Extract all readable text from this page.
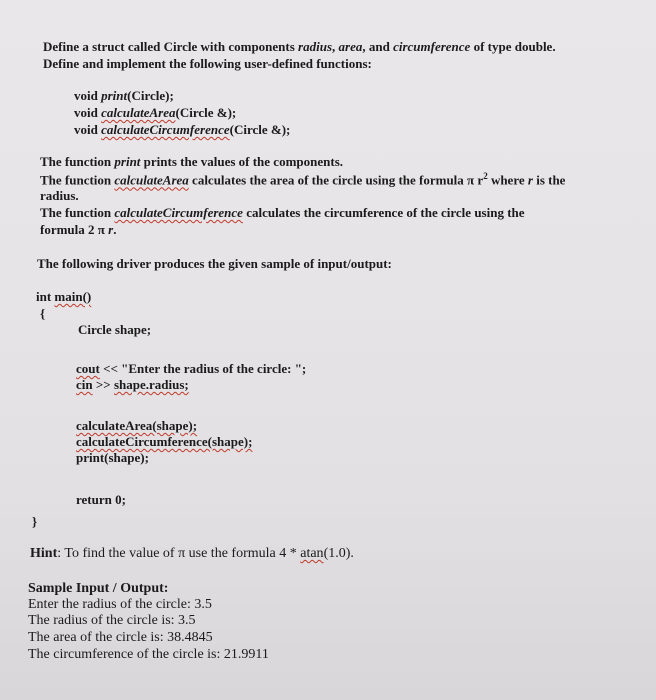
Define a struct called Circle with components radius, area, and circumference of type double.
Define and implement the following user-defined functions:
void print(Circle);
void calculateArea(Circle &);
void calculateCircumference(Circle &);
The function print prints the values of the components.
The function calculateArea calculates the area of the circle using the formula π $r^2$ where r is the
radius.
The function calculateCircumference calculates the circumference of the circle using the
formula 2 π r.
The following driver produces the given sample of input/output:
int main()
{
Circle shape;
cout << "Enter the radius of the circle: ";
cin >> shape.radius;
calculateArea(shape);
calculateCircumference(shape);
print(shape);
return 0;
}
Hint: To find the value of π use the formula 4 * atan(1.0).
Sample Input / Output:
Enter the radius of the circle: 3.5
The radius of the circle is: 3.5
The area of the circle is: 38.4845
The circumference of the circle is: 21.9911
